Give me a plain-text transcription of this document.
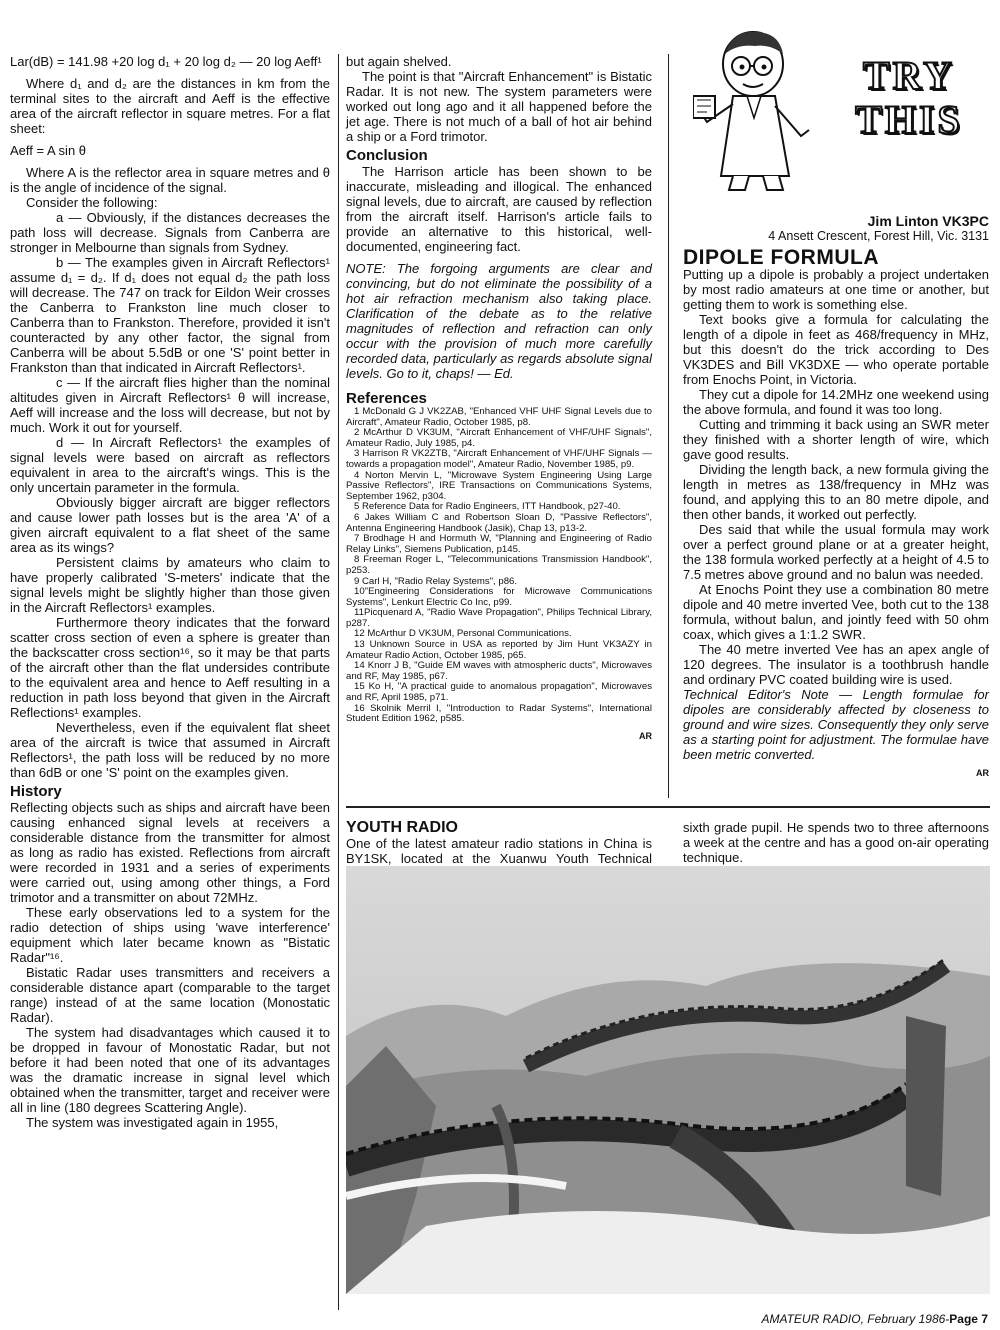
Lar(dB) = 141.98 +20 log d₁ + 20 log d₂ — 20 log Aeff¹

Where d₁ and d₂ are the distances in km from the terminal sites to the aircraft and Aeff is the effective area of the aircraft reflector in square metres. For a flat sheet:

Aeff = A sin θ

Where A is the reflector area in square metres and θ is the angle of incidence of the signal.

Consider the following:

a — Obviously, if the distances decreases the path loss will decrease. Signals from Canberra are stronger in Melbourne than signals from Sydney.

b — The examples given in Aircraft Reflectors¹ assume d₁ = d₂. If d₁ does not equal d₂ the path loss will decrease. The 747 on track for Eildon Weir crosses the Canberra to Frankston line much closer to Canberra than to Frankston. Therefore, provided it isn't counteracted by any other factor, the signal from Canberra will be about 5.5dB or one 'S' point better in Frankston than that indicated in Aircraft Reflectors¹.

c — If the aircraft flies higher than the nominal altitudes given in Aircraft Reflectors¹ θ will increase, Aeff will increase and the loss will decrease, but not by much. Work it out for yourself.

d — In Aircraft Reflectors¹ the examples of signal levels were based on aircraft as reflectors equivalent in area to the aircraft's wings. This is the only uncertain parameter in the formula.

Obviously bigger aircraft are bigger reflectors and cause lower path losses but is the area 'A' of a given aircraft equivalent to a flat sheet of the same area as its wings?

Persistent claims by amateurs who claim to have properly calibrated 'S-meters' indicate that the signal levels might be slightly higher than those given in the Aircraft Reflectors¹ examples.

Furthermore theory indicates that the forward scatter cross section of even a sphere is greater than the backscatter cross section¹⁶, so it may be that parts of the aircraft other than the flat undersides contribute to the equivalent area and hence to Aeff resulting in a reduction in path loss beyond that given in the Aircraft Reflections¹ examples.

Nevertheless, even if the equivalent flat sheet area of the aircraft is twice that assumed in Aircraft Reflectors¹, the path loss will be reduced by no more than 6dB or one 'S' point on the examples given.

History

Reflecting objects such as ships and aircraft have been causing enhanced signal levels at receivers a considerable distance from the transmitter for almost as long as radio has existed. Reflections from aircraft were recorded in 1931 and a series of experiments were carried out, using among other things, a Ford trimotor and a transmitter on about 72MHz.

These early observations led to a system for the radio detection of ships using 'wave interference' equipment which later became known as "Bistatic Radar"¹⁶.

Bistatic Radar uses transmitters and receivers a considerable distance apart (comparable to the target range) instead of at the same location (Monostatic Radar).

The system had disadvantages which caused it to be dropped in favour of Monostatic Radar, but not before it had been noted that one of its advantages was the dramatic increase in signal level which obtained when the transmitter, target and receiver were all in line (180 degrees Scattering Angle).

The system was investigated again in 1955,

but again shelved.

The point is that "Aircraft Enhancement" is Bistatic Radar. It is not new. The system parameters were worked out long ago and it all happened before the jet age. There is not much of a ball of hot air behind a ship or a Ford trimotor.

Conclusion

The Harrison article has been shown to be inaccurate, misleading and illogical. The enhanced signal levels, due to aircraft, are caused by reflection from the aircraft itself. Harrison's article fails to provide an alternative to this historical, well-documented, engineering fact.

NOTE: The forgoing arguments are clear and convincing, but do not eliminate the possibility of a hot air refraction mechanism also taking place. Clarification of the debate as to the relative magnitudes of reflection and refraction can only occur with the provision of much more carefully recorded data, particularly as regards absolute signal levels. Go to it, chaps! — Ed.

References

1 McDonald G J VK2ZAB, "Enhanced VHF UHF Signal Levels due to Aircraft", Amateur Radio, October 1985, p8.

2 McArthur D VK3UM, "Aircraft Enhancement of VHF/UHF Signals", Amateur Radio, July 1985, p4.

3 Harrison R VK2ZTB, "Aircraft Enhancement of VHF/UHF Signals — towards a propagation model", Amateur Radio, November 1985, p9.

4 Norton Mervin L, "Microwave System Engineering Using Large Passive Reflectors", IRE Transactions on Communications Systems, September 1962, p304.

5 Reference Data for Radio Engineers, ITT Handbook, p27-40.

6 Jakes William C and Robertson Sloan D, "Passive Reflectors", Antenna Engineering Handbook (Jasik), Chap 13, p13-2.

7 Brodhage H and Hormuth W, "Planning and Engineering of Radio Relay Links", Siemens Publication, p145.

8 Freeman Roger L, "Telecommunications Transmission Handbook", p253.

9 Carl H, "Radio Relay Systems", p86.

10"Engineering Considerations for Microwave Communications Systems", Lenkurt Electric Co Inc, p99.

11Picquenard A, "Radio Wave Propagation", Philips Technical Library, p287.

12 McArthur D VK3UM, Personal Communications.

13 Unknown Source in USA as reported by Jim Hunt VK3AZY in Amateur Radio Action, October 1985, p65.

14 Knorr J B, "Guide EM waves with atmospheric ducts", Microwaves and RF, May 1985, p67.

15 Ko H, "A practical guide to anomalous propagation", Microwaves and RF, April 1985, p71.

16 Skolnik Merril I, "Introduction to Radar Systems", International Student Edition 1962, p585.

AR
TRY
THIS
Jim Linton VK3PC
4 Ansett Crescent, Forest Hill, Vic. 3131
DIPOLE FORMULA

Putting up a dipole is probably a project undertaken by most radio amateurs at one time or another, but getting them to work is something else.

Text books give a formula for calculating the length of a dipole in feet as 468/frequency in MHz, but this doesn't do the trick according to Des VK3DES and Bill VK3DXE — who operate portable from Enochs Point, in Victoria.

They cut a dipole for 14.2MHz one weekend using the above formula, and found it was too long.

Cutting and trimming it back using an SWR meter they finished with a shorter length of wire, which gave good results.

Dividing the length back, a new formula giving the length in metres as 138/frequency in MHz was found, and applying this to an 80 metre dipole, and then other bands, it worked out perfectly.

Des said that while the usual formula may work over a perfect ground plane or at a greater height, the 138 formula worked perfectly at a height of 4.5 to 7.5 metres above ground and no balun was needed.

At Enochs Point they use a combination 80 metre dipole and 40 metre inverted Vee, both cut to the 138 formula, without balun, and jointly feed with 50 ohm coax, which gives a 1:1.2 SWR.

The 40 metre inverted Vee has an apex angle of 120 degrees. The insulator is a toothbrush handle and ordinary PVC coated building wire is used.

Technical Editor's Note — Length formulae for dipoles are considerably affected by closeness to ground and wire sizes. Consequently they only serve as a starting point for adjustment. The formulae have been metric converted.

AR
YOUTH RADIO

One of the latest amateur radio stations in China is BY1SK, located at the Xuanwu Youth Technical

sixth grade pupil. He spends two to three afternoons a week at the centre and has a good on-air operating technique.

AMATEUR RADIO, February 1986-Page 7
